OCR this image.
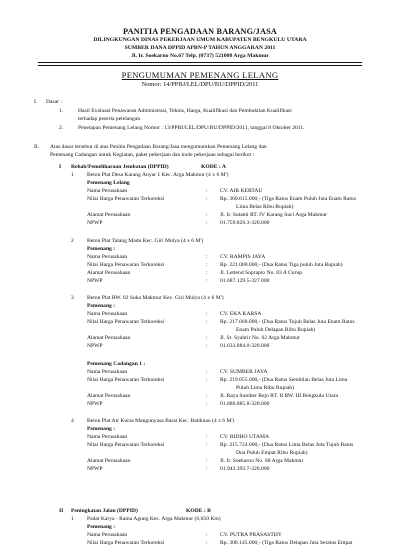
PANITIA PENGADAAN BARANG/JASA
DILINGKUNGAN DINAS PEKERJAAN UMUM KABUPATEN BENGKULU UTARA
SUMBER DANA DPPID APBN-P TAHUN ANGGARAN 2011
Jl. Ir. Soekarno No.67 Telp. (0737) 521008 Arga Makmur
PENGUMUMAN PEMENANG LELANG
Nomor: 14/PPBJ/LEL/DPU/BU/DPPID/2011
I. Dasar :
1.	Hasil Evaluasi Penawaran Administrasi, Teknis, Harga, Kualifikasi dan Pembuktian Kualifikasi
terhadap peserta pelelangan
2.	Penetapan Pemenang Lelang Nomor : 13/PPBJ/LEL/DPU/BU/DPPID/2011, tanggal 8 Oktober 2011.
II. Atas dasar tersebut di atas Panitia Pengadaan Barang/Jasa mengumumkan Pemenang Lelang dan
Pemenang Cadangan untuk Kegiatan, paket pekerjaan dan kode pekerjaan sebagai berikut :
I Rehab/Pemeliharaan Jembatan (DPPID)	KODE : A
1 Beton Plat Desa Karang Anyar 1 Kec. Arga Makmur (4 x 6 M')
Pemenang Lelang
Nama Perusahaan	: CV. AIR KERTAU
Nilai Harga Penawaran Terkoreksi	: Rp. 360.615.000,- (Tiga Ratus Enam Puluh Juta Enam Ratus
Lima Belas Ribu Rupiah)
Alamat Perusahaan	: Jl. Ir. Sutami RT. IV Karang Suci Arga Makmur
NPWP	: 01.759.829.3-328.000
2 Beton Plat Talang Madu Kec. Giri Mulya (4 x 6 M')
Pemenang :
Nama Perusahaan	: CV. RAMPIS JAYA
Nilai Harga Penawaran Terkoreksi	: Rp. 221.000.000,- (Dua Ratus Tiga puluh Juta Rupiah)
Alamat Perusahaan	: Jl. Lettend Suprapto No. 83 A Curup
NPWP	: 01.687.129.5-327.000
3 Beton Plat RW. 02 Suka Makmur Kec. Giri Mulya (4 x 6 M')
Pemenang :
Nama Perusahaan	: CV. EKA KARSA
Nilai Harga Penawaran Terkoreksi	: Rp. 217.668.000,- (Dua Ratus Tujuh Belas Juta Enam Ratus
Enam Puluh Delapan Ribu Rupiah)
Alamat Perusahaan	: Jl. St. Syahrir No. 02 Arga Makmur
NPWP	: 01.633.884.0-328.000
Pemenang Cadangan 1 :
Nama Perusahaan	: CV. SUMBER JAYA
Nilai Harga Penawaran Terkoreksi	: Rp. 219.055.000,- (Dua Ratus Sembilan Belas Juta Lima
Puluh Lima Ribu Rupiah)
Alamat Perusahaan	: Jl. Raya Sumber Rejo RT. II RW. III Bengkulu Utara
NPWP	: 01.886.085.8-328.000
4 Beton Plat Air Kuras Mangunyasa Barat Kec. Batiknau (4 x 6 M')
Pemenang :
Nama Perusahaan	: CV. RIDHO UTAMA
Nilai Harga Penawaran Terkoreksi	: Rp. 215.724.000,- (Dua Ratus Lima Belas Juta Tujuh Ratus
Dua Puluh Empat Ribu Rupiah)
Alamat Perusahaan	: Jl. Ir. Soekarno No. 68 Arga Makmur
NPWP	: 01.943.393.7-328.000
II Peningkatan Jalan (DPPID)	KODE : B
1 Padat Karya - Rama Agung Kec. Arga Makmur (0,650 Km)
Pemenang :
Nama Perusahaan	: CV. PUTRA PRASASTHY
Nilai Harga Penawaran Terkoreksi	: Rp. 308.145.000,- (Tiga Ratus Delapan Juta Seratus Empat
